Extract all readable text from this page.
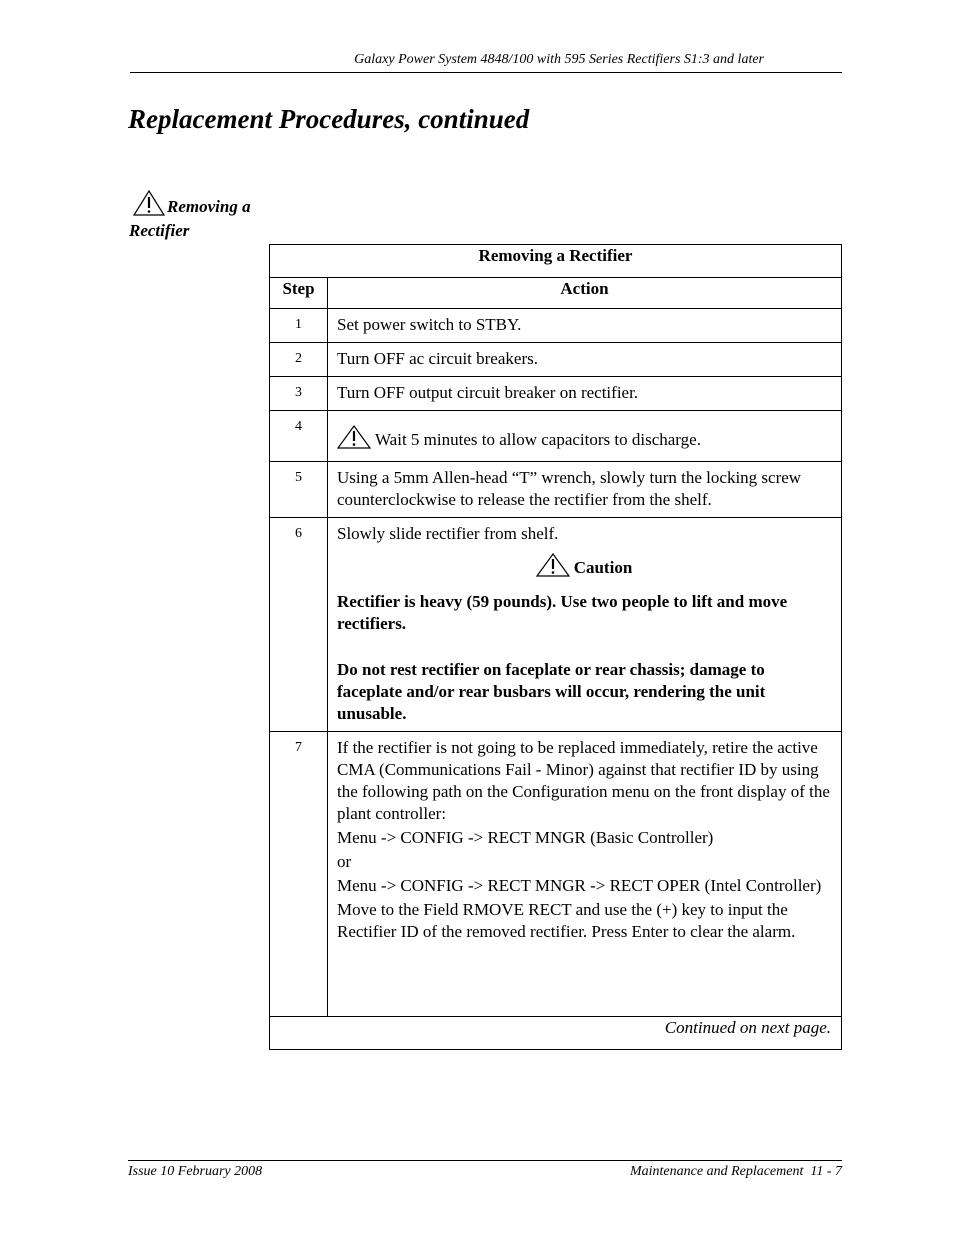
Galaxy Power System 4848/100 with 595 Series Rectifiers S1:3 and later
Replacement Procedures, continued
Removing a
Rectifier
Removing a Rectifier	
Step	Action
1	Set power switch to STBY.
2	Turn OFF ac circuit breakers.
3	Turn OFF output circuit breaker on rectifier.
4	Wait 5 minutes to allow capacitors to discharge.
5	Using a 5mm Allen-head “T” wrench, slowly turn the locking screw counterclockwise to release the rectifier from the shelf.
6	Slowly slide rectifier from shelf.
Caution

Rectifier is heavy (59 pounds). Use two people to lift and move rectifiers.

Do not rest rectifier on faceplate or rear chassis; damage to faceplate and/or rear busbars will occur, rendering the unit unusable.

7	If the rectifier is not going to be replaced immediately, retire the active CMA (Communications Fail - Minor) against that rectifier ID by using the following path on the Configuration menu on the front display of the plant controller:

Menu -> CONFIG -> RECT MNGR (Basic Controller)

or

Menu -> CONFIG -> RECT MNGR -> RECT OPER (Intel Controller)

Move to the Field RMOVE RECT and use the (+) key to input the Rectifier ID of the removed rectifier. Press Enter to clear the alarm.

Continued on next page.	
Issue 10 February 2008	Maintenance and Replacement  11 - 7
